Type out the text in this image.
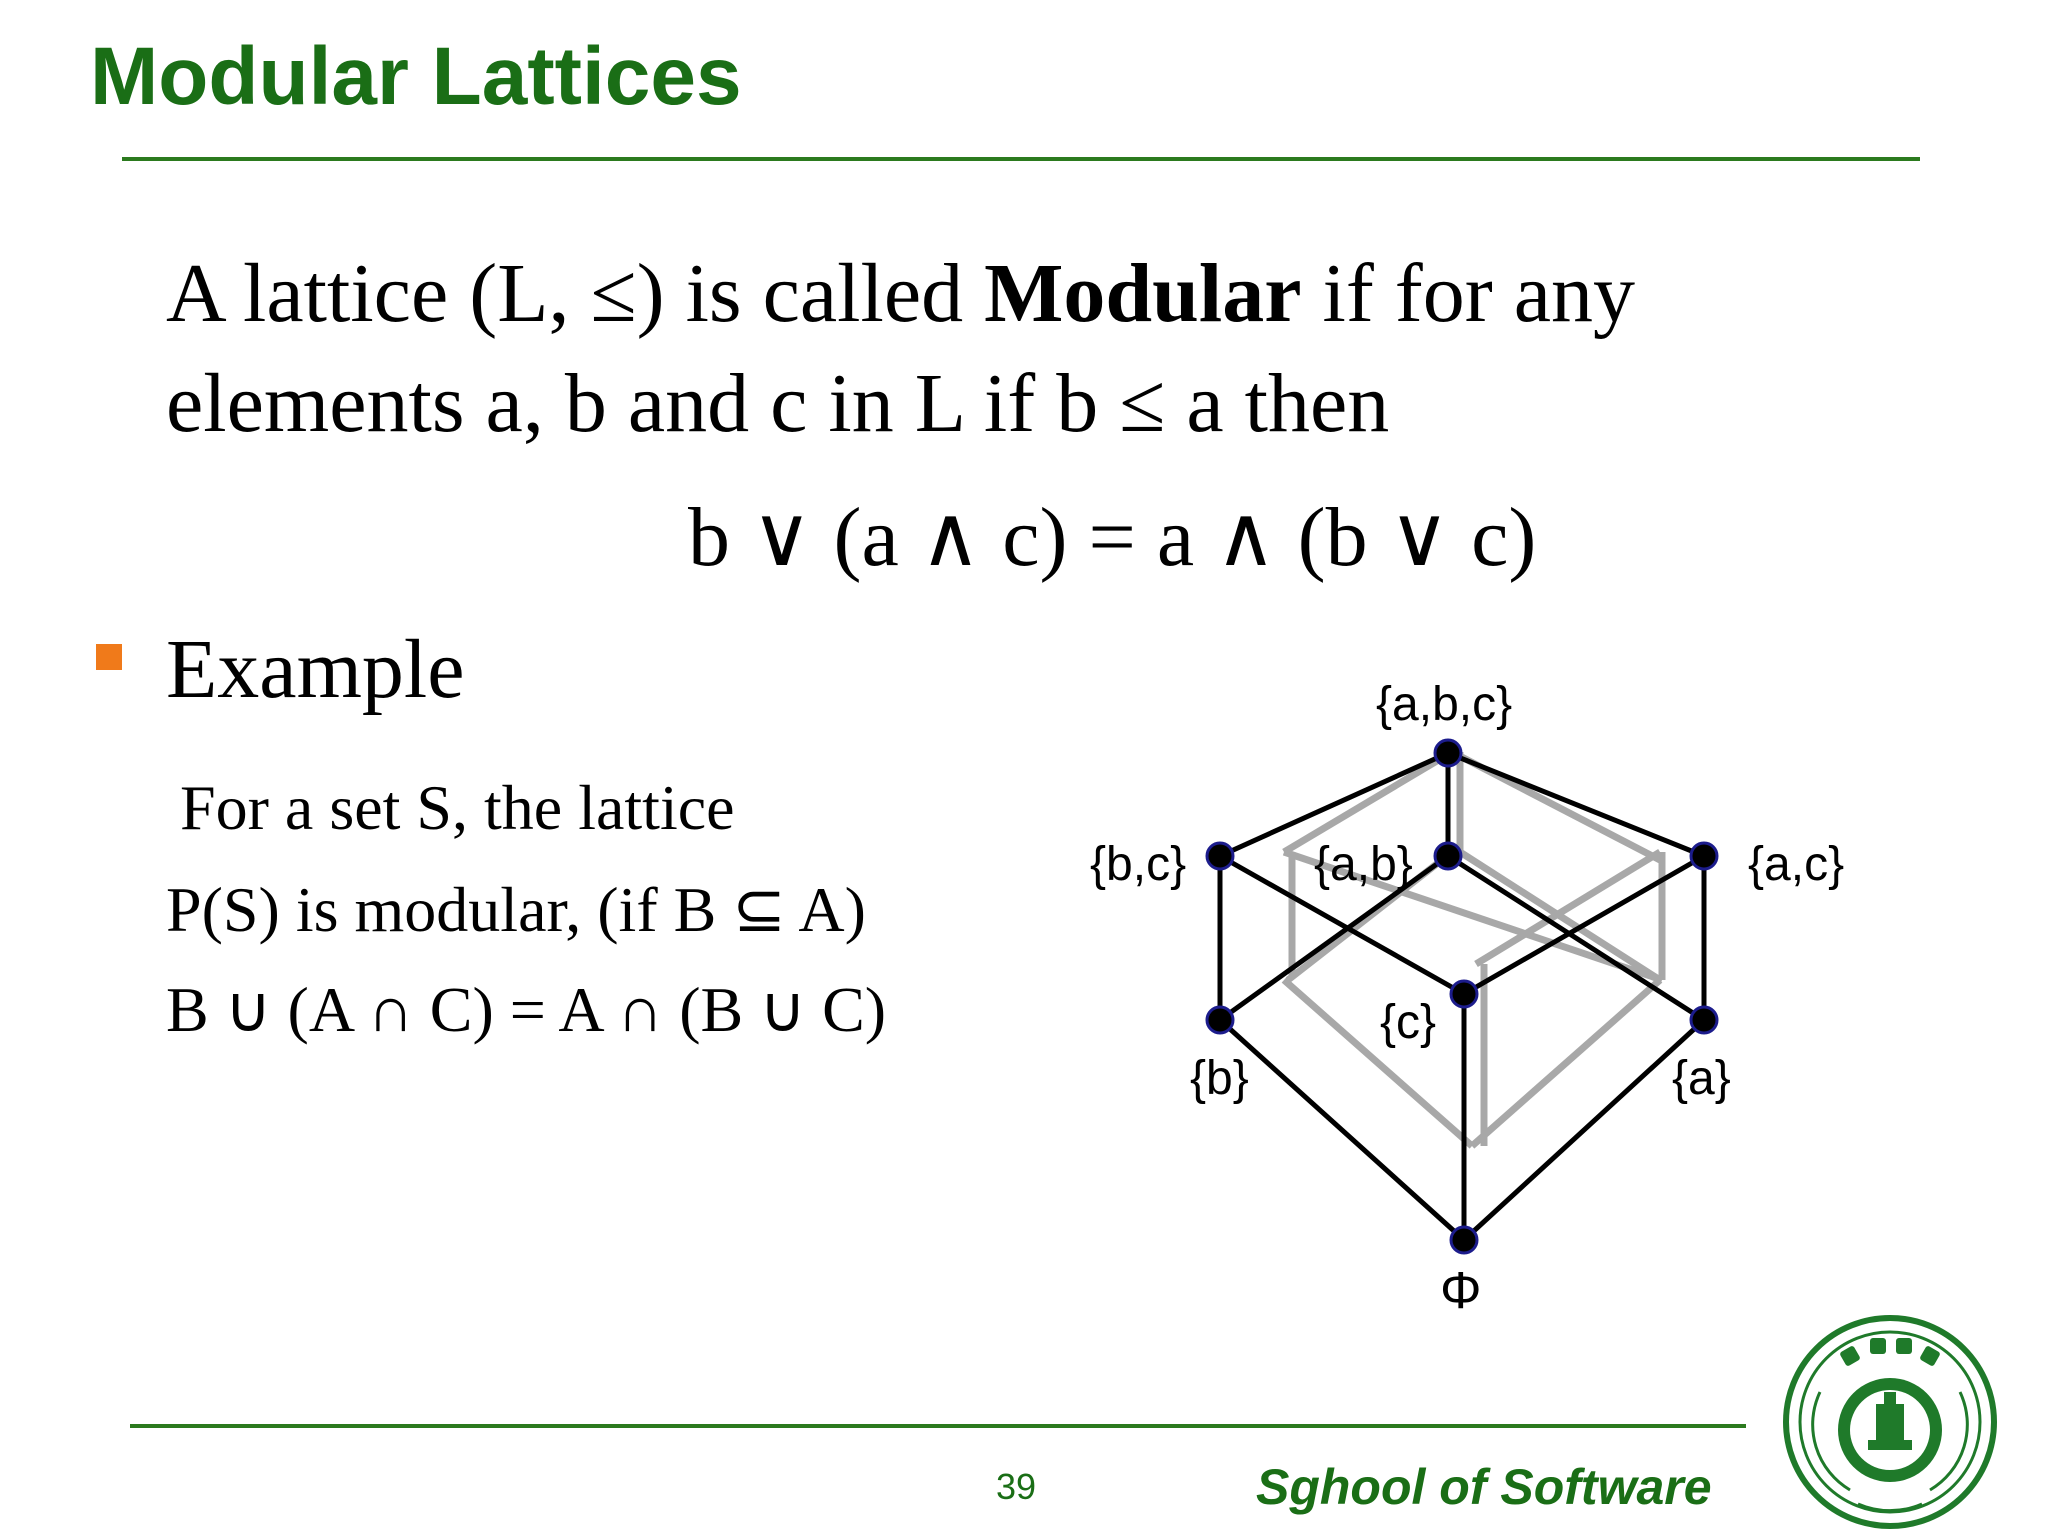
Modular Lattices
A lattice (L, ≤) is called Modular if for any
elements a, b and c in L if b ≤ a then
b ∨ (a ∧ c) = a ∧ (b ∨ c)
Example
For a set S, the lattice
P(S) is modular, (if B ⊆ A)
B ∪ (A ∩ C) = A ∩ (B ∪ C)
{a,b,c}
{b,c}	{a,b}	{a,c}
{b}
{c}
{a}
Φ
39	Sghool of Software
